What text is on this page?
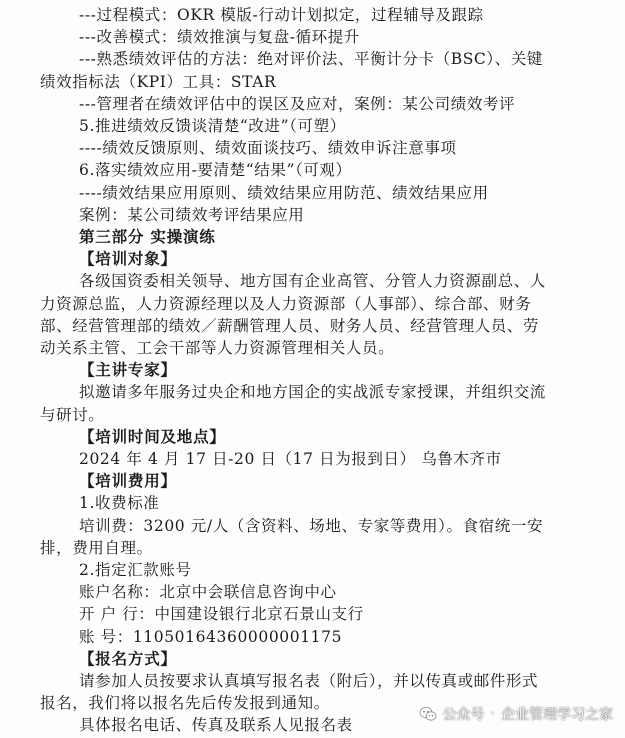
---过程模式：OKR 模版-行动计划拟定，过程辅导及跟踪
---改善模式：绩效推演与复盘-循环提升
---熟悉绩效评估的方法：绝对评价法、平衡计分卡（BSC）、关键
绩效指标法（KPI）工具：STAR
---管理者在绩效评估中的误区及应对，案例：某公司绩效考评
5.推进绩效反馈谈清楚“改进”（可塑）
----绩效反馈原则、绩效面谈技巧、绩效申诉注意事项
6.落实绩效应用-要清楚“结果”（可观）
----绩效结果应用原则、绩效结果应用防范、绩效结果应用
案例：某公司绩效考评结果应用
第三部分 实操演练
【培训对象】
各级国资委相关领导、地方国有企业高管、分管人力资源副总、人
力资源总监，人力资源经理以及人力资源部（人事部）、综合部、财务
部、经营管理部的绩效／薪酬管理人员、财务人员、经营管理人员、劳
动关系主管、工会干部等人力资源管理相关人员。
【主讲专家】
拟邀请多年服务过央企和地方国企的实战派专家授课，并组织交流
与研讨。
【培训时间及地点】
2024 年 4 月 17 日-20 日（17 日为报到日） 乌鲁木齐市
【培训费用】
1.收费标准
培训费：3200 元/人（含资料、场地、专家等费用）。食宿统一安
排，费用自理。
2.指定汇款账号
账户名称：北京中会联信息咨询中心
开 户 行：中国建设银行北京石景山支行
账 号：11050164360000001175
【报名方式】
请参加人员按要求认真填写报名表（附后），并以传真或邮件形式
报名，我们将以报名先后传发报到通知。
具体报名电话、传真及联系人见报名表
公众号 · 企业管理学习之家
